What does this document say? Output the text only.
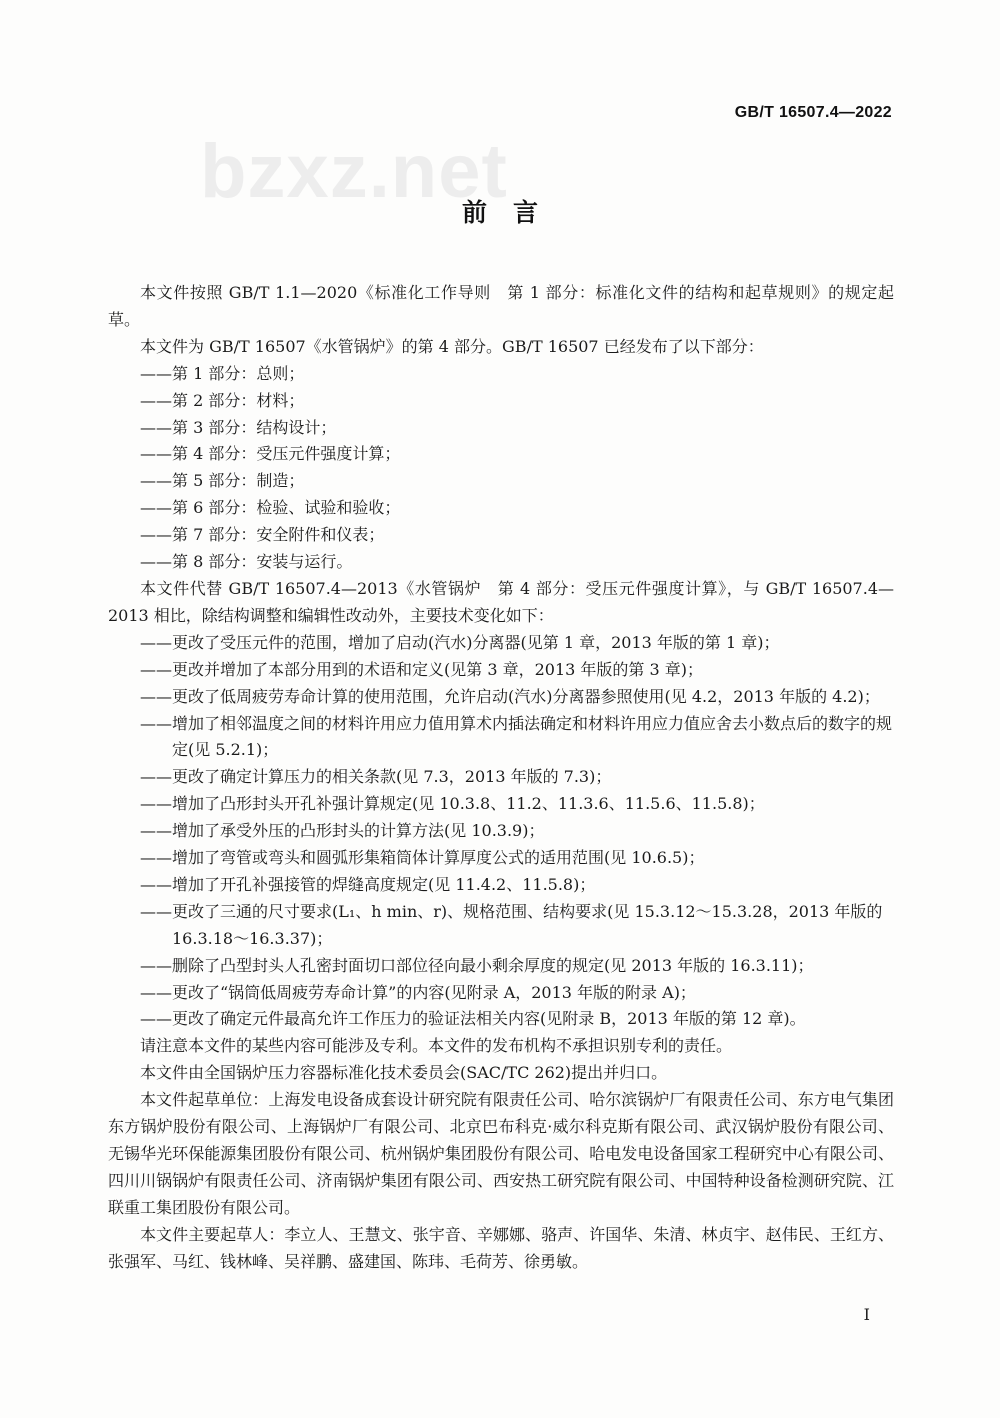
bzxz.net
GB/T 16507.4—2022
前言
本文件按照 GB/T 1.1—2020《标准化工作导则　第 1 部分：标准化文件的结构和起草规则》的规定起草。
本文件为 GB/T 16507《水管锅炉》的第 4 部分。GB/T 16507 已经发布了以下部分：
——第 1 部分：总则；
——第 2 部分：材料；
——第 3 部分：结构设计；
——第 4 部分：受压元件强度计算；
——第 5 部分：制造；
——第 6 部分：检验、试验和验收；
——第 7 部分：安全附件和仪表；
——第 8 部分：安装与运行。
本文件代替 GB/T 16507.4—2013《水管锅炉　第 4 部分：受压元件强度计算》，与 GB/T 16507.4—2013 相比，除结构调整和编辑性改动外，主要技术变化如下：
——更改了受压元件的范围，增加了启动(汽水)分离器(见第 1 章，2013 年版的第 1 章)；
——更改并增加了本部分用到的术语和定义(见第 3 章，2013 年版的第 3 章)；
——更改了低周疲劳寿命计算的使用范围，允许启动(汽水)分离器参照使用(见 4.2，2013 年版的 4.2)；
——增加了相邻温度之间的材料许用应力值用算术内插法确定和材料许用应力值应舍去小数点后的数字的规定(见 5.2.1)；
——更改了确定计算压力的相关条款(见 7.3，2013 年版的 7.3)；
——增加了凸形封头开孔补强计算规定(见 10.3.8、11.2、11.3.6、11.5.6、11.5.8)；
——增加了承受外压的凸形封头的计算方法(见 10.3.9)；
——增加了弯管或弯头和圆弧形集箱筒体计算厚度公式的适用范围(见 10.6.5)；
——增加了开孔补强接管的焊缝高度规定(见 11.4.2、11.5.8)；
——更改了三通的尺寸要求(L₁、h min、r)、规格范围、结构要求(见 15.3.12～15.3.28，2013 年版的 16.3.18～16.3.37)；
——删除了凸型封头人孔密封面切口部位径向最小剩余厚度的规定(见 2013 年版的 16.3.11)；
——更改了“锅筒低周疲劳寿命计算”的内容(见附录 A，2013 年版的附录 A)；
——更改了确定元件最高允许工作压力的验证法相关内容(见附录 B，2013 年版的第 12 章)。
请注意本文件的某些内容可能涉及专利。本文件的发布机构不承担识别专利的责任。
本文件由全国锅炉压力容器标准化技术委员会(SAC/TC 262)提出并归口。
本文件起草单位：上海发电设备成套设计研究院有限责任公司、哈尔滨锅炉厂有限责任公司、东方电气集团东方锅炉股份有限公司、上海锅炉厂有限公司、北京巴布科克·威尔科克斯有限公司、武汉锅炉股份有限公司、无锡华光环保能源集团股份有限公司、杭州锅炉集团股份有限公司、哈电发电设备国家工程研究中心有限公司、四川川锅锅炉有限责任公司、济南锅炉集团有限公司、西安热工研究院有限公司、中国特种设备检测研究院、江联重工集团股份有限公司。
本文件主要起草人：李立人、王慧文、张宇音、辛娜娜、骆声、许国华、朱清、林贞宇、赵伟民、王红方、张强军、马红、钱林峰、吴祥鹏、盛建国、陈玮、毛荷芳、徐勇敏。
I
